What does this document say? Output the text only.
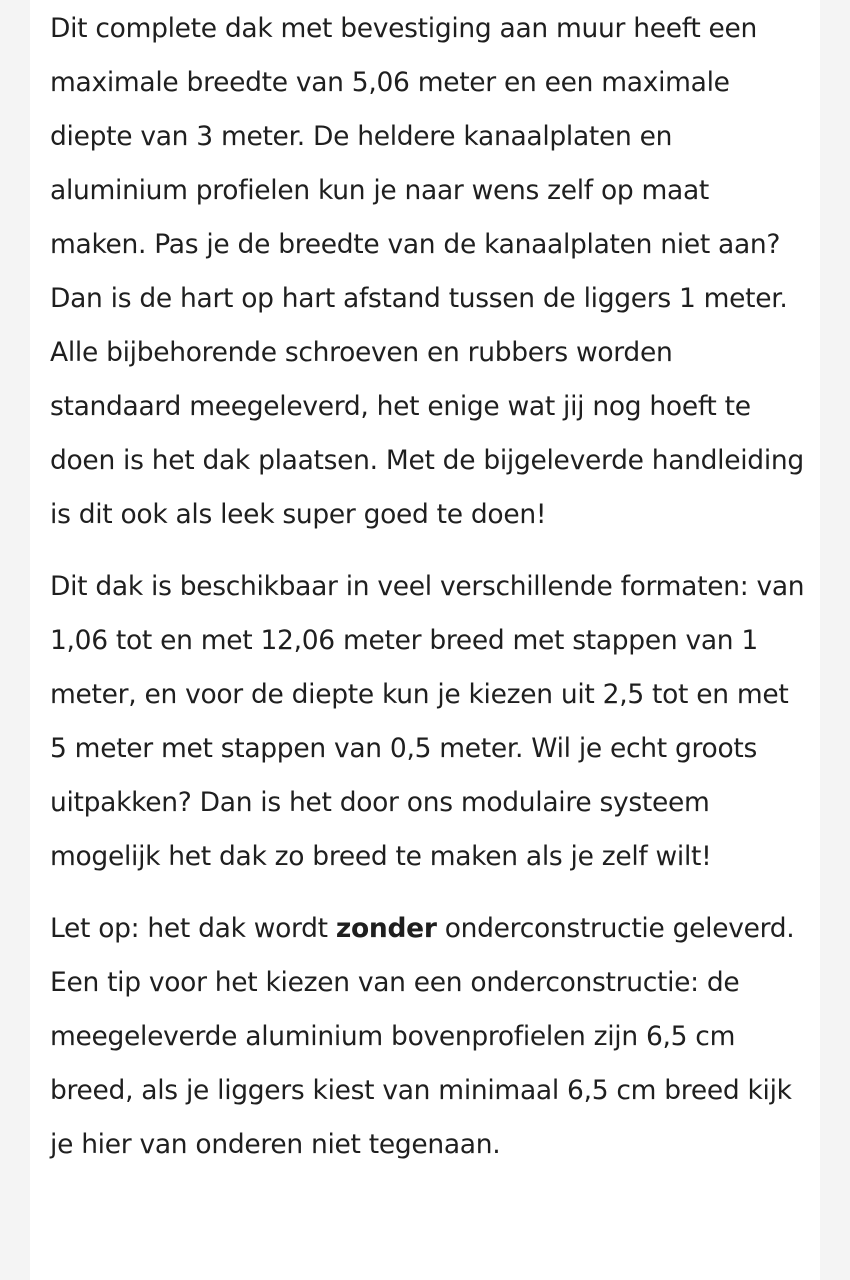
Dit complete dak met bevestiging aan muur heeft een maximale breedte van 5,06 meter en een maximale diepte van 3 meter. De heldere kanaalplaten en aluminium profielen kun je naar wens zelf op maat maken. Pas je de breedte van de kanaalplaten niet aan? Dan is de hart op hart afstand tussen de liggers 1 meter. Alle bijbehorende schroeven en rubbers worden standaard meegeleverd, het enige wat jij nog hoeft te doen is het dak plaatsen. Met de bijgeleverde handleiding is dit ook als leek super goed te doen!

Dit dak is beschikbaar in veel verschillende formaten: van 1,06 tot en met 12,06 meter breed met stappen van 1 meter, en voor de diepte kun je kiezen uit 2,5 tot en met 5 meter met stappen van 0,5 meter. Wil je echt groots uitpakken? Dan is het door ons modulaire systeem mogelijk het dak zo breed te maken als je zelf wilt!

Let op: het dak wordt zonder onderconstructie geleverd. Een tip voor het kiezen van een onderconstructie: de meegeleverde aluminium bovenprofielen zijn 6,5 cm breed, als je liggers kiest van minimaal 6,5 cm breed kijk je hier van onderen niet tegenaan.
